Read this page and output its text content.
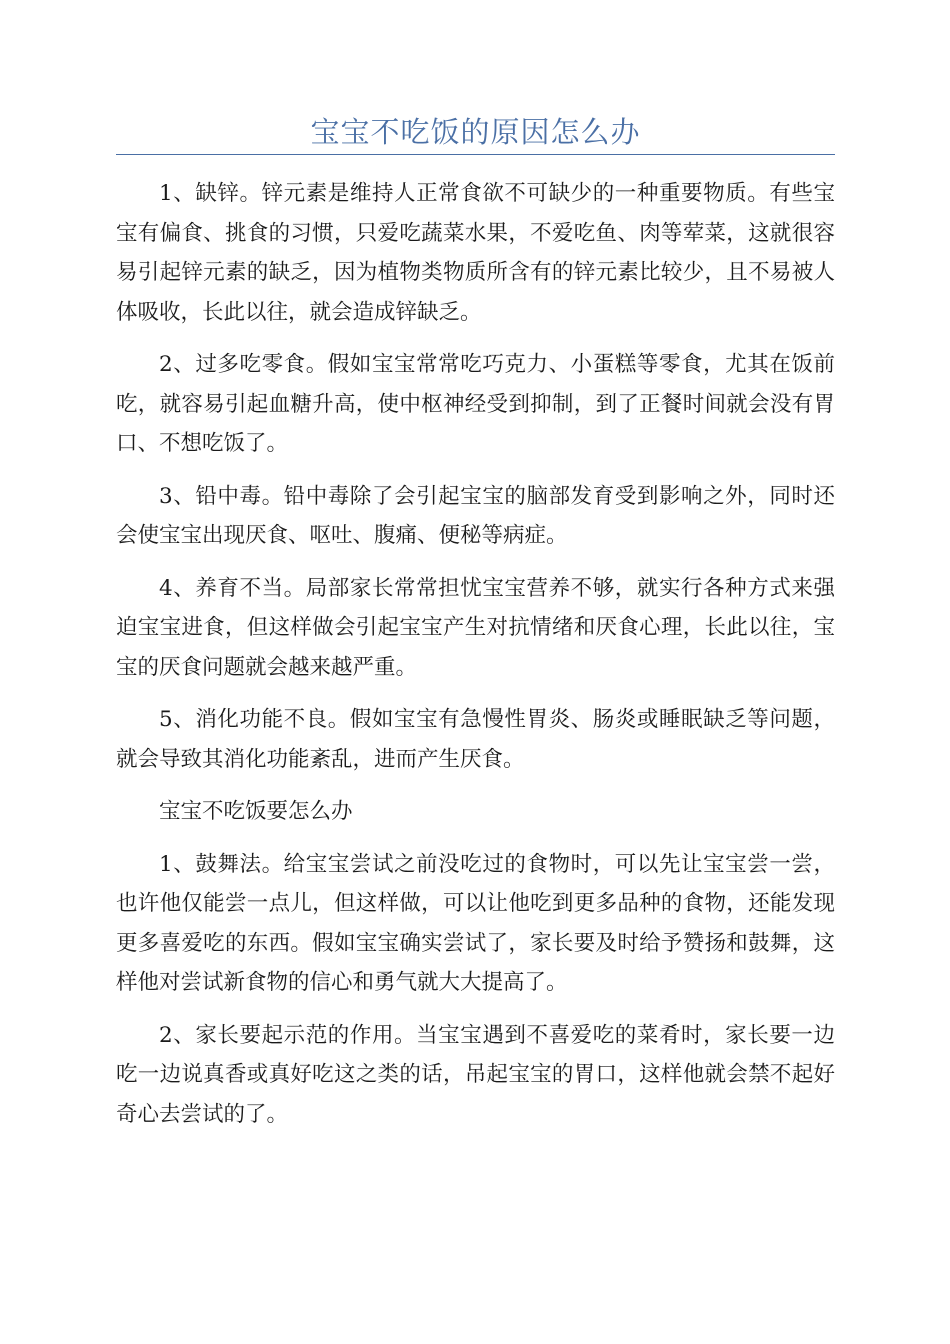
宝宝不吃饭的原因怎么办

1、缺锌。锌元素是维持人正常食欲不可缺少的一种重要物质。有些宝宝有偏食、挑食的习惯，只爱吃蔬菜水果，不爱吃鱼、肉等荤菜，这就很容易引起锌元素的缺乏，因为植物类物质所含有的锌元素比较少，且不易被人体吸收，长此以往，就会造成锌缺乏。

2、过多吃零食。假如宝宝常常吃巧克力、小蛋糕等零食，尤其在饭前吃，就容易引起血糖升高，使中枢神经受到抑制，到了正餐时间就会没有胃口、不想吃饭了。

3、铅中毒。铅中毒除了会引起宝宝的脑部发育受到影响之外，同时还会使宝宝出现厌食、呕吐、腹痛、便秘等病症。

4、养育不当。局部家长常常担忧宝宝营养不够，就实行各种方式来强迫宝宝进食，但这样做会引起宝宝产生对抗情绪和厌食心理，长此以往，宝宝的厌食问题就会越来越严重。

5、消化功能不良。假如宝宝有急慢性胃炎、肠炎或睡眠缺乏等问题，就会导致其消化功能紊乱，进而产生厌食。

宝宝不吃饭要怎么办

1、鼓舞法。给宝宝尝试之前没吃过的食物时，可以先让宝宝尝一尝，也许他仅能尝一点儿，但这样做，可以让他吃到更多品种的食物，还能发现更多喜爱吃的东西。假如宝宝确实尝试了，家长要及时给予赞扬和鼓舞，这样他对尝试新食物的信心和勇气就大大提高了。

2、家长要起示范的作用。当宝宝遇到不喜爱吃的菜肴时，家长要一边吃一边说真香或真好吃这之类的话，吊起宝宝的胃口，这样他就会禁不起好奇心去尝试的了。
